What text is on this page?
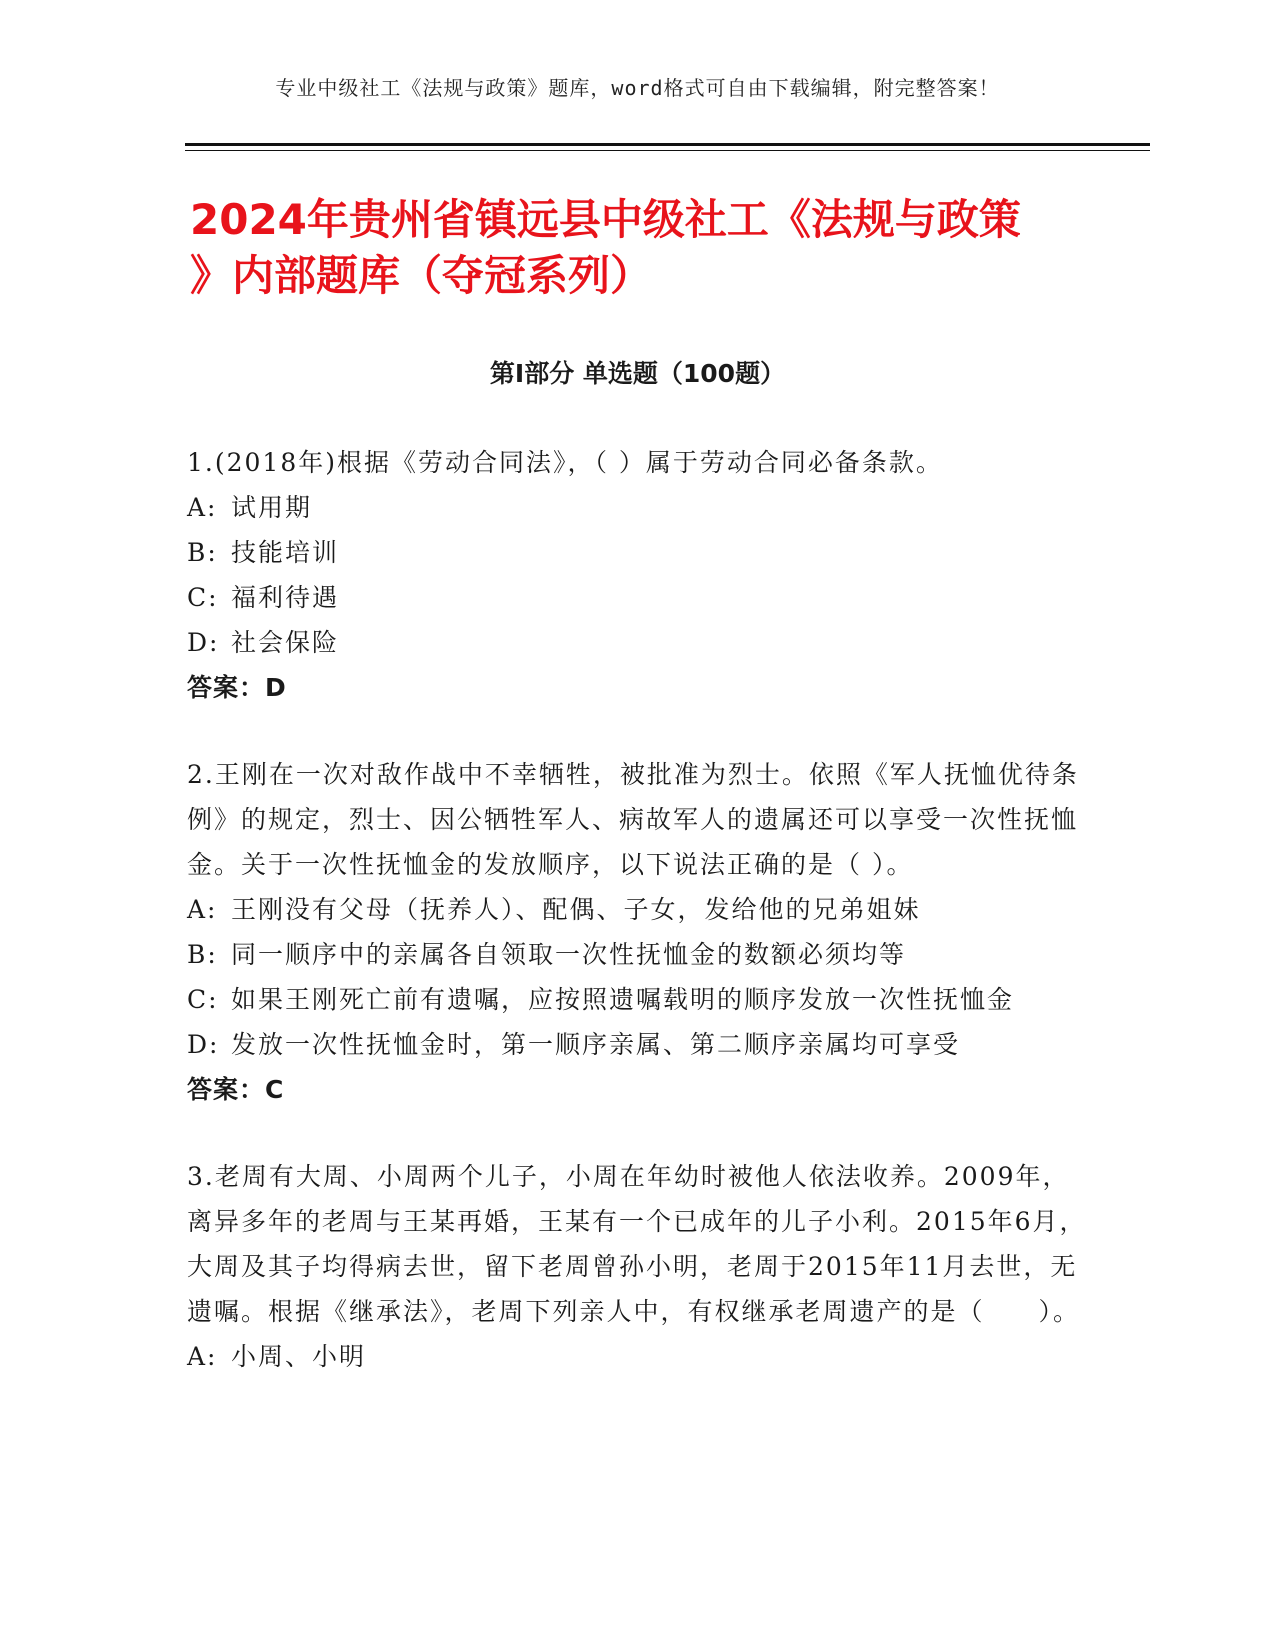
专业中级社工《法规与政策》题库，word格式可自由下载编辑，附完整答案！
2024年贵州省镇远县中级社工《法规与政策
》内部题库（夺冠系列）
第Ⅰ部分 单选题（100题）

1.(2018年)根据《劳动合同法》，（ ）属于劳动合同必备条款。

A: 试用期

B: 技能培训

C: 福利待遇

D: 社会保险

答案：D

2.王刚在一次对敌作战中不幸牺牲，被批准为烈士。依照《军人抚恤优待条例》的规定，烈士、因公牺牲军人、病故军人的遗属还可以享受一次性抚恤金。关于一次性抚恤金的发放顺序，以下说法正确的是（ ）。

A: 王刚没有父母（抚养人）、配偶、子女，发给他的兄弟姐妹

B: 同一顺序中的亲属各自领取一次性抚恤金的数额必须均等

C: 如果王刚死亡前有遗嘱，应按照遗嘱载明的顺序发放一次性抚恤金

D: 发放一次性抚恤金时，第一顺序亲属、第二顺序亲属均可享受

答案：C

3.老周有大周、小周两个儿子，小周在年幼时被他人依法收养。2009年，离异多年的老周与王某再婚，王某有一个已成年的儿子小利。2015年6月，大周及其子均得病去世，留下老周曾孙小明，老周于2015年11月去世，无遗嘱。根据《继承法》，老周下列亲人中，有权继承老周遗产的是（　　）。

A: 小周、小明
